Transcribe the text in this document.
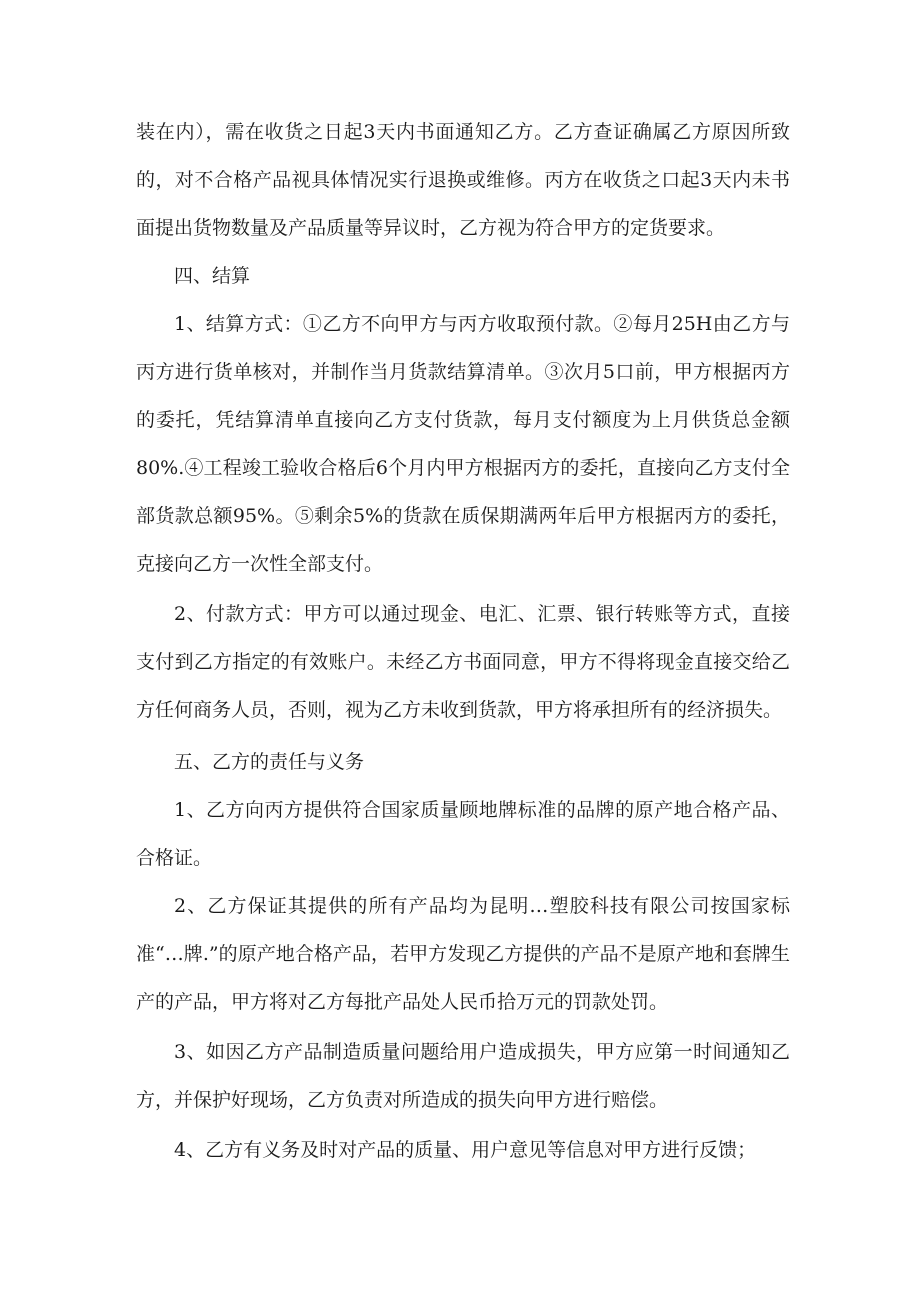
装在内），需在收货之日起3天内书面通知乙方。乙方查证确属乙方原因所致的，对不合格产品视具体情况实行退换或维修。丙方在收货之口起3天内未书面提出货物数量及产品质量等异议时，乙方视为符合甲方的定货要求。

四、结算

1、结算方式：①乙方不向甲方与丙方收取预付款。②每月25H由乙方与丙方进行货单核对，并制作当月货款结算清单。③次月5口前，甲方根据丙方的委托，凭结算清单直接向乙方支付货款，每月支付额度为上月供货总金额80%.④工程竣工验收合格后6个月内甲方根据丙方的委托，直接向乙方支付全部货款总额95%。⑤剩余5%的货款在质保期满两年后甲方根据丙方的委托，克接向乙方一次性全部支付。

2、付款方式：甲方可以通过现金、电汇、汇票、银行转账等方式，直接支付到乙方指定的有效账户。未经乙方书面同意，甲方不得将现金直接交给乙方任何商务人员，否则，视为乙方未收到货款，甲方将承担所有的经济损失。

五、乙方的责任与义务

1、乙方向丙方提供符合国家质量顾地牌标准的品牌的原产地合格产品、合格证。

2、乙方保证其提供的所有产品均为昆明…塑胶科技有限公司按国家标准“…牌.”的原产地合格产品，若甲方发现乙方提供的产品不是原产地和套牌生产的产品，甲方将对乙方每批产品处人民币拾万元的罚款处罚。

3、如因乙方产品制造质量问题给用户造成损失，甲方应第一时间通知乙方，并保护好现场，乙方负责对所造成的损失向甲方进行赔偿。

4、乙方有义务及时对产品的质量、用户意见等信息对甲方进行反馈；
